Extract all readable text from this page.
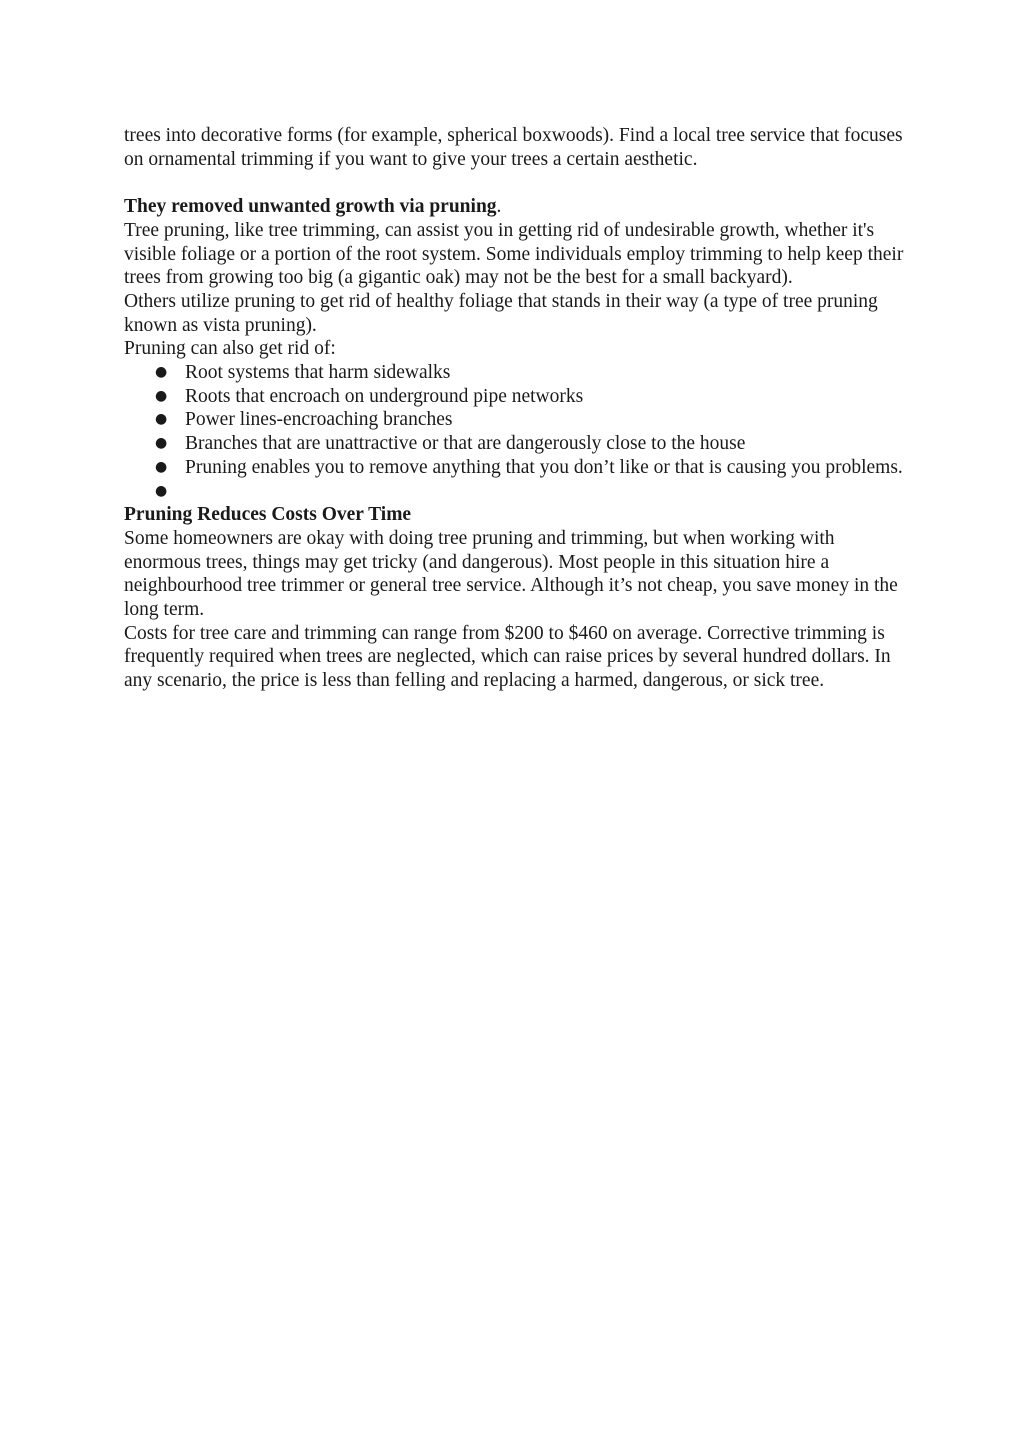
trees into decorative forms (for example, spherical boxwoods). Find a local tree service that focuses on ornamental trimming if you want to give your trees a certain aesthetic.

They removed unwanted growth via pruning.

Tree pruning, like tree trimming, can assist you in getting rid of undesirable growth, whether it's visible foliage or a portion of the root system. Some individuals employ trimming to help keep their trees from growing too big (a gigantic oak) may not be the best for a small backyard).

Others utilize pruning to get rid of healthy foliage that stands in their way (a type of tree pruning known as vista pruning).

Pruning can also get rid of:

● Root systems that harm sidewalks
● Roots that encroach on underground pipe networks
● Power lines-encroaching branches
● Branches that are unattractive or that are dangerously close to the house
● Pruning enables you to remove anything that you don’t like or that is causing you problems.
●

Pruning Reduces Costs Over Time

Some homeowners are okay with doing tree pruning and trimming, but when working with enormous trees, things may get tricky (and dangerous). Most people in this situation hire a neighbourhood tree trimmer or general tree service. Although it’s not cheap, you save money in the long term.

Costs for tree care and trimming can range from $200 to $460 on average. Corrective trimming is frequently required when trees are neglected, which can raise prices by several hundred dollars. In any scenario, the price is less than felling and replacing a harmed, dangerous, or sick tree.
